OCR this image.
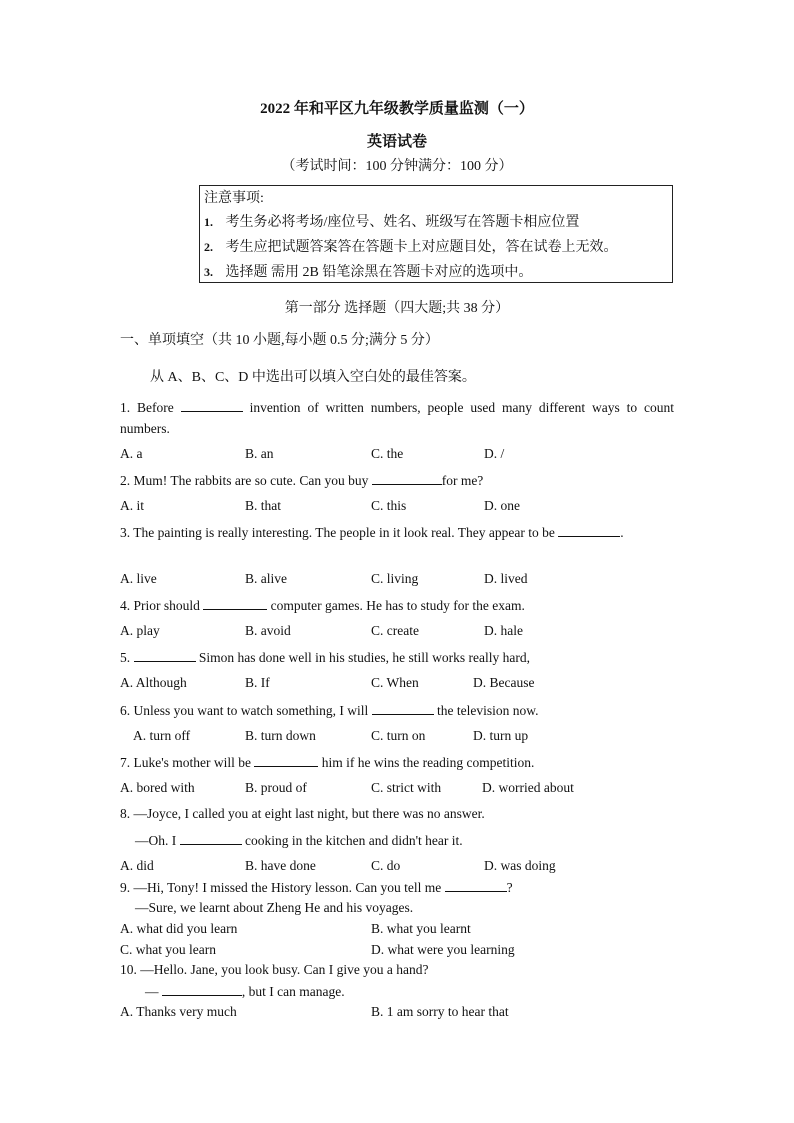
2022 年和平区九年级教学质量监测（一）
英语试卷
（考试时间：100 分钟满分：100 分）
注意事项:
1. 考生务必将考场/座位号、姓名、班级写在答题卡相应位置
2. 考生应把试题答案答在答题卡上对应题目处，答在试卷上无效。
3. 选择题 需用 2B 铅笔涂黑在答题卡对应的选项中。
第一部分 选择题（四大题;共 38 分）
一、单项填空（共 10 小题,每小题 0.5 分;满分 5 分）
从 A、B、C、D 中选出可以填入空白处的最佳答案。
1. Before	invention of written numbers, people used many different ways to count numbers.
A. a	B. an	C. the	D. /
2. Mum! The rabbits are so cute. Can you buy	for me?
A. it	B. that	C. this	D. one
3. The painting is really interesting. The people in it look real. They appear to be	.
A. live	B. alive	C. living	D. lived
4. Prior should	computer games. He has to study for the exam.
A. play	B. avoid	C. create	D. hale
5.	Simon has done well in his studies, he still works really hard,
A. Although	B. If	C. When	D. Because
6. Unless you want to watch something, I will	the television now.
A. turn off	B. turn down	C. turn on	D. turn up
7. Luke's mother will be	him if he wins the reading competition.
A. bored with	B. proud of	C. strict with	D. worried about
8. —Joyce, I called you at eight last night, but there was no answer.
—Oh. I	cooking in the kitchen and didn't hear it.
A. did	B. have done	C. do	D. was doing
9. —Hi, Tony! I missed the History lesson. Can you tell me	?
—Sure, we learnt about Zheng He and his voyages.
A. what did you learn	B. what you learnt
C. what you learn	D. what were you learning
10. —Hello. Jane, you look busy. Can I give you a hand?
—	, but I can manage.
A. Thanks very much	B. 1 am sorry to hear that
